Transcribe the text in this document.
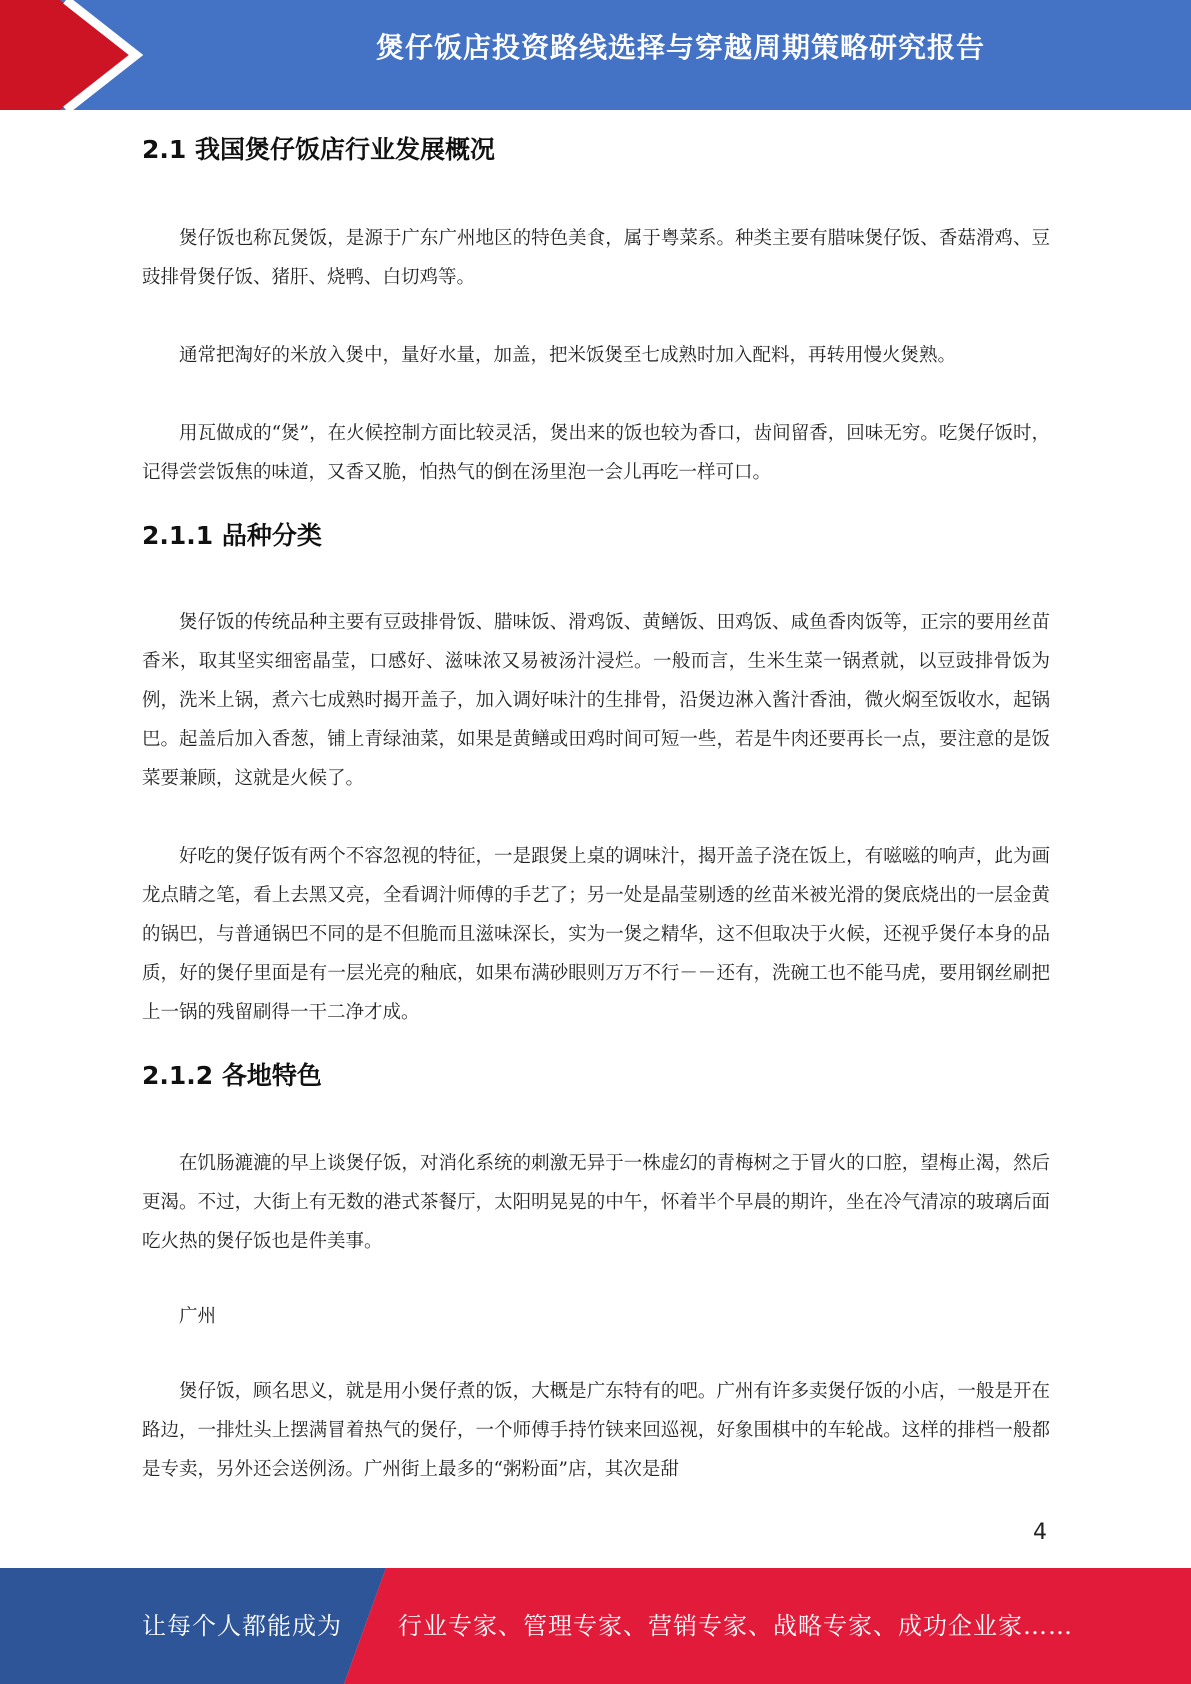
煲仔饭店投资路线选择与穿越周期策略研究报告
2.1 我国煲仔饭店行业发展概况

煲仔饭也称瓦煲饭，是源于广东广州地区的特色美食，属于粤菜系。种类主要有腊味煲仔饭、香菇滑鸡、豆豉排骨煲仔饭、猪肝、烧鸭、白切鸡等。

通常把淘好的米放入煲中，量好水量，加盖，把米饭煲至七成熟时加入配料，再转用慢火煲熟。

用瓦做成的“煲”，在火候控制方面比较灵活，煲出来的饭也较为香口，齿间留香，回味无穷。吃煲仔饭时，记得尝尝饭焦的味道，又香又脆，怕热气的倒在汤里泡一会儿再吃一样可口。

2.1.1 品种分类

煲仔饭的传统品种主要有豆豉排骨饭、腊味饭、滑鸡饭、黄鳝饭、田鸡饭、咸鱼香肉饭等，正宗的要用丝苗香米，取其坚实细密晶莹，口感好、滋味浓又易被汤汁浸烂。一般而言，生米生菜一锅煮就，以豆豉排骨饭为例，洗米上锅，煮六七成熟时揭开盖子，加入调好味汁的生排骨，沿煲边淋入酱汁香油，微火焖至饭收水，起锅巴。起盖后加入香葱，铺上青绿油菜，如果是黄鳝或田鸡时间可短一些，若是牛肉还要再长一点，要注意的是饭菜要兼顾，这就是火候了。

好吃的煲仔饭有两个不容忽视的特征，一是跟煲上桌的调味汁，揭开盖子浇在饭上，有嗞嗞的响声，此为画龙点睛之笔，看上去黑又亮，全看调汁师傅的手艺了；另一处是晶莹剔透的丝苗米被光滑的煲底烧出的一层金黄的锅巴，与普通锅巴不同的是不但脆而且滋味深长，实为一煲之精华，这不但取决于火候，还视乎煲仔本身的品质，好的煲仔里面是有一层光亮的釉底，如果布满砂眼则万万不行－－还有，洗碗工也不能马虎，要用钢丝刷把上一锅的残留刷得一干二净才成。

2.1.2 各地特色

在饥肠漉漉的早上谈煲仔饭，对消化系统的刺激无异于一株虚幻的青梅树之于冒火的口腔，望梅止渴，然后更渴。不过，大街上有无数的港式茶餐厅，太阳明晃晃的中午，怀着半个早晨的期许，坐在冷气清凉的玻璃后面吃火热的煲仔饭也是件美事。

广州

煲仔饭，顾名思义，就是用小煲仔煮的饭，大概是广东特有的吧。广州有许多卖煲仔饭的小店，一般是开在路边，一排灶头上摆满冒着热气的煲仔，一个师傅手持竹铗来回巡视，好象围棋中的车轮战。这样的排档一般都是专卖，另外还会送例汤。广州街上最多的“粥粉面”店，其次是甜

4
让每个人都能成为 行业专家、管理专家、营销专家、战略专家、成功企业家……
